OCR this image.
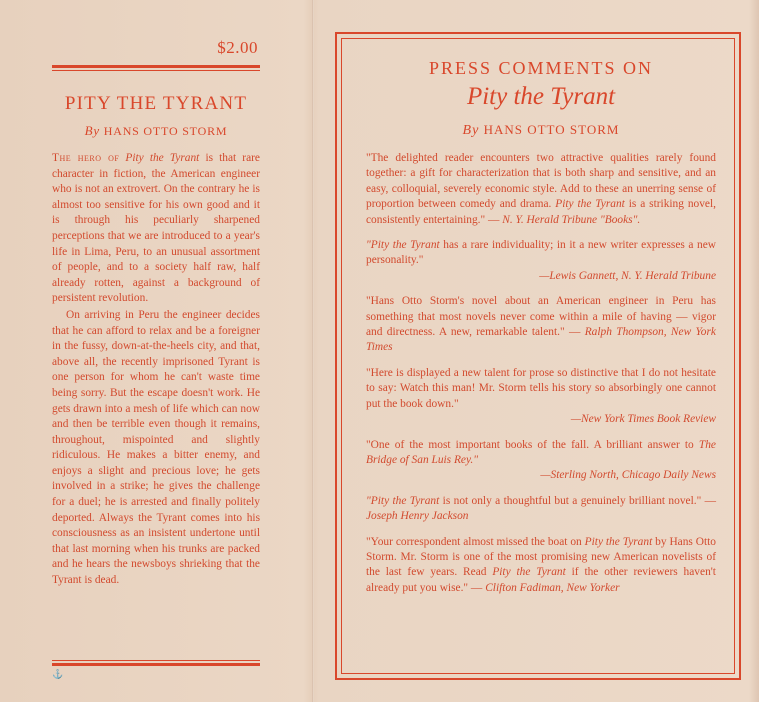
$2.00
PITY THE TYRANT
By HANS OTTO STORM

The hero of Pity the Tyrant is that rare character in fiction, the American engineer who is not an extrovert. On the contrary he is almost too sensitive for his own good and it is through his peculiarly sharpened perceptions that we are introduced to a year's life in Lima, Peru, to an unusual assortment of people, and to a society half raw, half already rotten, against a background of persistent revolution.

On arriving in Peru the engineer decides that he can afford to relax and be a foreigner in the fussy, down-at-the-heels city, and that, above all, the recently imprisoned Tyrant is one person for whom he can't waste time being sorry. But the escape doesn't work. He gets drawn into a mesh of life which can now and then be terrible even though it remains, throughout, mispointed and slightly ridiculous. He makes a bitter enemy, and enjoys a slight and precious love; he gets involved in a strike; he gives the challenge for a duel; he is arrested and finally politely deported. Always the Tyrant comes into his consciousness as an insistent undertone until that last morning when his trunks are packed and he hears the newsboys shrieking that the Tyrant is dead.

⚓
PRESS COMMENTS ON
Pity the Tyrant
By HANS OTTO STORM

"The delighted reader encounters two attractive qualities rarely found together: a gift for characterization that is both sharp and sensitive, and an easy, colloquial, severely economic style. Add to these an unerring sense of proportion between comedy and drama. Pity the Tyrant is a striking novel, consistently entertaining." — N. Y. Herald Tribune "Books".

"Pity the Tyrant has a rare individuality; in it a new writer expresses a new personality."
—Lewis Gannett, N. Y. Herald Tribune

"Hans Otto Storm's novel about an American engineer in Peru has something that most novels never come within a mile of having — vigor and directness. A new, remarkable talent." — Ralph Thompson, New York Times

"Here is displayed a new talent for prose so distinctive that I do not hesitate to say: Watch this man! Mr. Storm tells his story so absorbingly one cannot put the book down."
—New York Times Book Review

"One of the most important books of the fall. A brilliant answer to The Bridge of San Luis Rey."
—Sterling North, Chicago Daily News

"Pity the Tyrant is not only a thoughtful but a genuinely brilliant novel." — Joseph Henry Jackson

"Your correspondent almost missed the boat on Pity the Tyrant by Hans Otto Storm. Mr. Storm is one of the most promising new American novelists of the last few years. Read Pity the Tyrant if the other reviewers haven't already put you wise." — Clifton Fadiman, New Yorker
